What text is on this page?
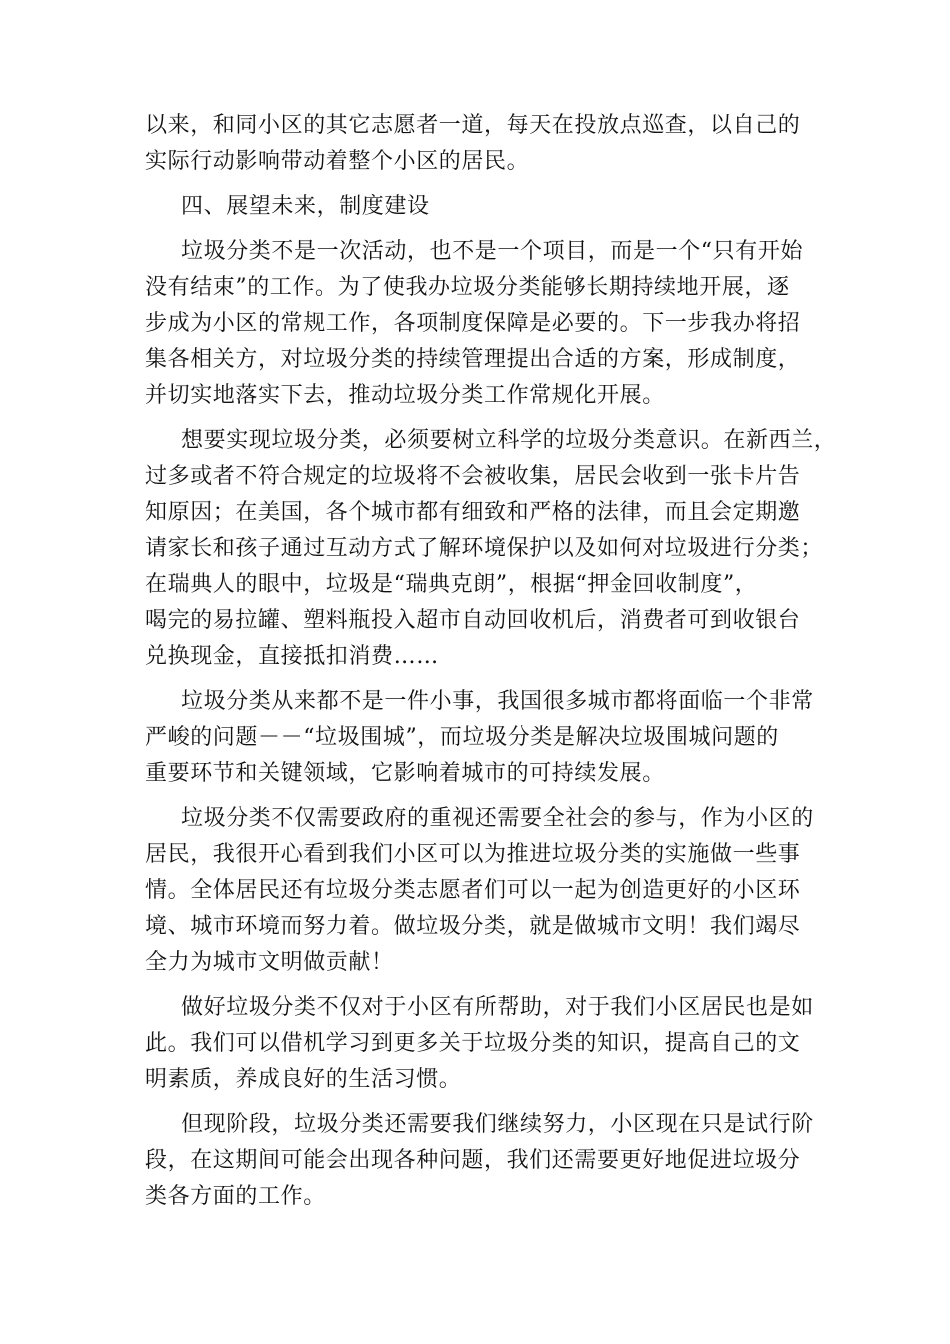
以来，和同小区的其它志愿者一道，每天在投放点巡查，以自己的
实际行动影响带动着整个小区的居民。
四、展望未来，制度建设
垃圾分类不是一次活动，也不是一个项目，而是一个“只有开始
没有结束”的工作。为了使我办垃圾分类能够长期持续地开展，逐
步成为小区的常规工作，各项制度保障是必要的。下一步我办将招
集各相关方，对垃圾分类的持续管理提出合适的方案，形成制度，
并切实地落实下去，推动垃圾分类工作常规化开展。
想要实现垃圾分类，必须要树立科学的垃圾分类意识。在新西兰，
过多或者不符合规定的垃圾将不会被收集，居民会收到一张卡片告
知原因；在美国，各个城市都有细致和严格的法律，而且会定期邀
请家长和孩子通过互动方式了解环境保护以及如何对垃圾进行分类；
在瑞典人的眼中，垃圾是“瑞典克朗”，根据“押金回收制度”，
喝完的易拉罐、塑料瓶投入超市自动回收机后，消费者可到收银台
兑换现金，直接抵扣消费……
垃圾分类从来都不是一件小事，我国很多城市都将面临一个非常
严峻的问题－－“垃圾围城”，而垃圾分类是解决垃圾围城问题的
重要环节和关键领域，它影响着城市的可持续发展。
垃圾分类不仅需要政府的重视还需要全社会的参与，作为小区的
居民，我很开心看到我们小区可以为推进垃圾分类的实施做一些事
情。全体居民还有垃圾分类志愿者们可以一起为创造更好的小区环
境、城市环境而努力着。做垃圾分类，就是做城市文明！我们竭尽
全力为城市文明做贡献！
做好垃圾分类不仅对于小区有所帮助，对于我们小区居民也是如
此。我们可以借机学习到更多关于垃圾分类的知识，提高自己的文
明素质，养成良好的生活习惯。
但现阶段，垃圾分类还需要我们继续努力，小区现在只是试行阶
段，在这期间可能会出现各种问题，我们还需要更好地促进垃圾分
类各方面的工作。
